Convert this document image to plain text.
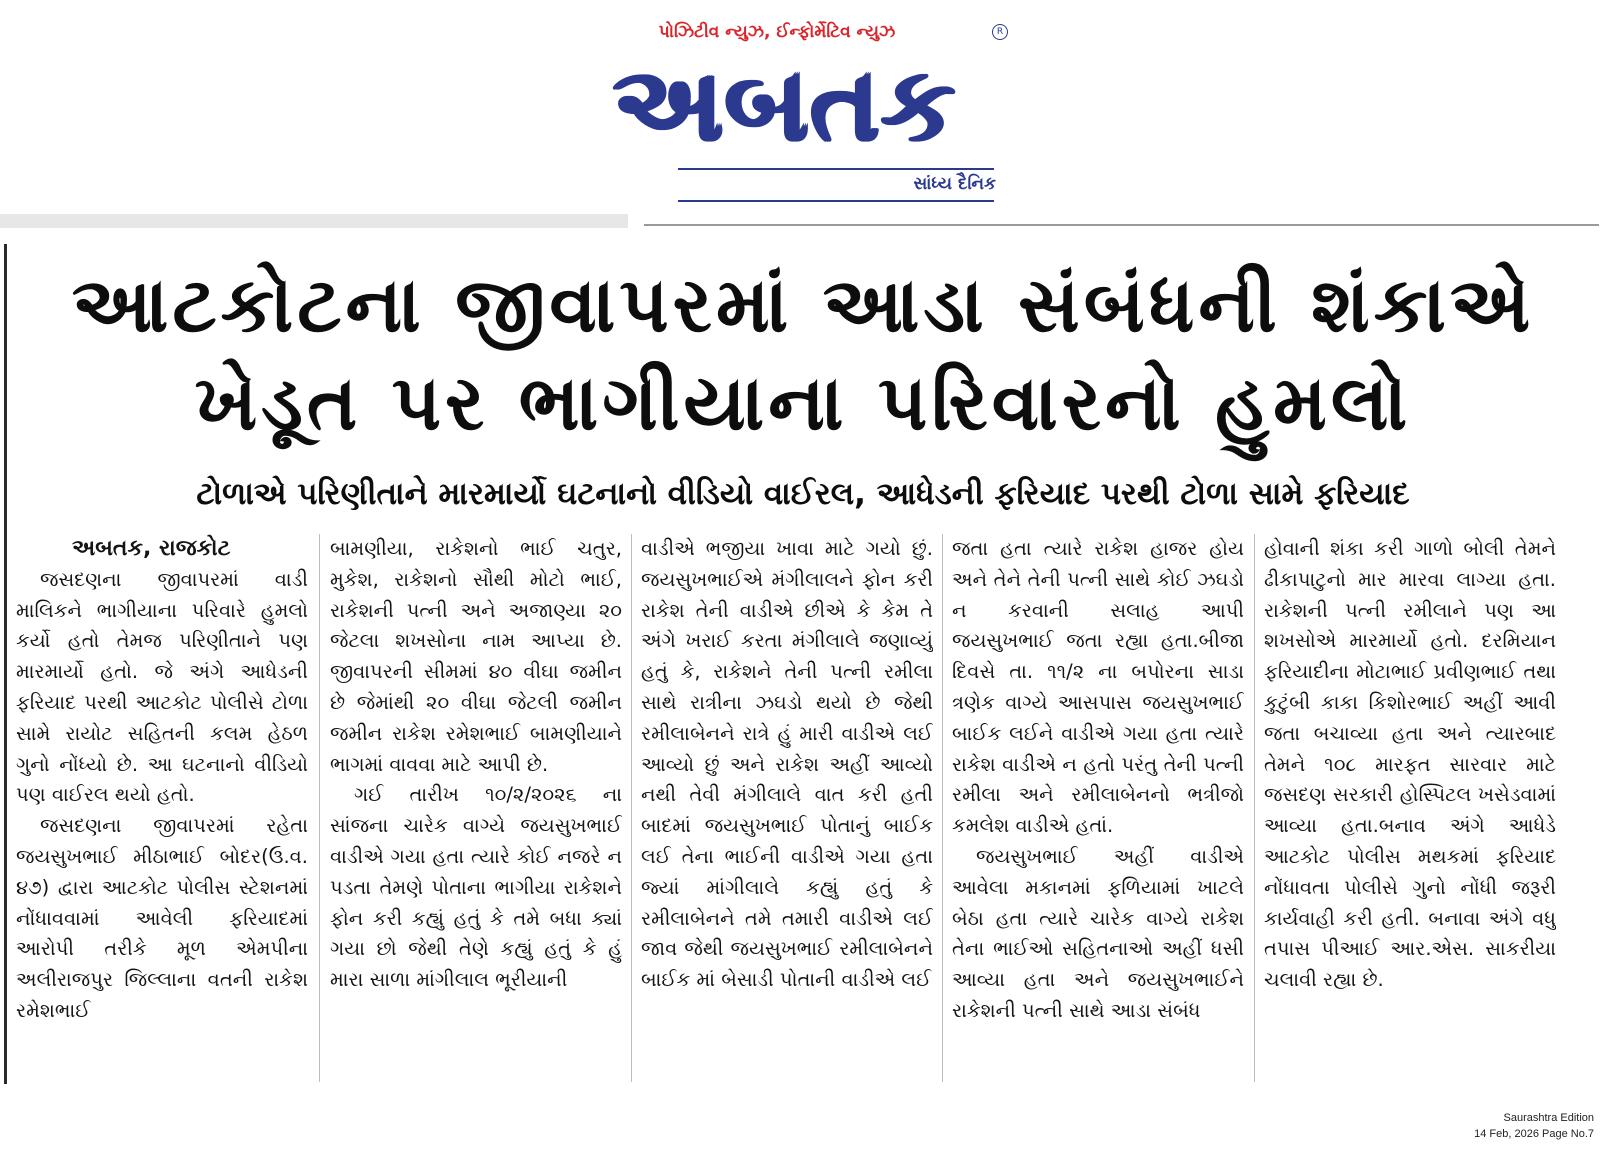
પોઝિટીવ ન્યુઝ, ઈન્ફોર્મેટિવ ન્યુઝ	R
અબતક
સાંધ્ય દૈનિક
આટકોટના જીવાપરમાં આડા સંબંધની શંકાએ
ખેડૂત પર ભાગીયાના પરિવારનો હુમલો
ટોળાએ પરિણીતાને મારમાર્યો ઘટનાનો વીડિયો વાઈરલ, આધેડની ફરિયાદ પરથી ટોળા સામે ફરિયાદ

અબતક, રાજકોટ

જસદણના જીવાપરમાં વાડી માલિકને ભાગીયાના પરિવારે હુમલો કર્યો હતો તેમજ પરિણીતાને પણ મારમાર્યો હતો. જે અંગે આધેડની ફરિયાદ પરથી આટકોટ પોલીસે ટોળા સામે રાયોટ સહિતની કલમ હેઠળ ગુનો નોંધ્યો છે. આ ઘટનાનો વીડિયો પણ વાઈરલ થયો હતો.

જસદણના જીવાપરમાં રહેતા જયસુખભાઈ મીઠાભાઈ બોદર(ઉ.વ. ૪૭) દ્વારા આટકોટ પોલીસ સ્ટેશનમાં નોંધાવવામાં આવેલી ફરિયાદમાં આરોપી તરીકે મૂળ એમપીના અલીરાજપુર જિલ્લાના વતની રાકેશ રમેશભાઈ

બામણીયા, રાકેશનો ભાઈ ચતુર, મુકેશ, રાકેશનો સૌથી મોટો ભાઈ, રાકેશની પત્ની અને અજાણ્યા ૨૦ જેટલા શખસોના નામ આપ્યા છે. જીવાપરની સીમમાં ૪૦ વીઘા જમીન છે જેમાંથી ૨૦ વીઘા જેટલી જમીન જમીન રાકેશ રમેશભાઈ બામણીયાને ભાગમાં વાવવા માટે આપી છે.

ગઈ તારીખ ૧૦/૨/૨૦૨૬ ના સાંજના ચારેક વાગ્યે જયસુખભાઈ વાડીએ ગયા હતા ત્યારે કોઈ નજરે ન પડતા તેમણે પોતાના ભાગીયા રાકેશને ફોન કરી કહ્યું હતું કે તમે બધા ક્યાં ગયા છો જેથી તેણે કહ્યું હતું કે હું મારા સાળા માંગીલાલ ભૂરીયાની

વાડીએ ભજીયા ખાવા માટે ગયો છું. જયસુખભાઈએ મંગીલાલને ફોન કરી રાકેશ તેની વાડીએ છીએ કે કેમ તે અંગે ખરાઈ કરતા મંગીલાલે જણાવ્યું હતું કે, રાકેશને તેની પત્ની રમીલા સાથે રાત્રીના ઝઘડો થયો છે જેથી રમીલાબેનને રાત્રે હું મારી વાડીએ લઈ આવ્યો છું અને રાકેશ અહીં આવ્યો નથી તેવી મંગીલાલે વાત કરી હતી બાદમાં જયસુખભાઈ પોતાનું બાઈક લઈ તેના ભાઈની વાડીએ ગયા હતા જ્યાં માંગીલાલે કહ્યું હતું કે રમીલાબેનને તમે તમારી વાડીએ લઈ જાવ જેથી જયસુખભાઈ રમીલાબેનને બાઈક માં બેસાડી પોતાની વાડીએ લઈ

જતા હતા ત્યારે રાકેશ હાજર હોય અને તેને તેની પત્ની સાથે કોઈ ઝઘડો ન કરવાની સલાહ આપી જયસુખભાઈ જતા રહ્યા હતા.બીજા દિવસે તા. ૧૧/૨ ના બપોરના સાડા ત્રણેક વાગ્યે આસપાસ જયસુખભાઈ બાઈક લઈને વાડીએ ગયા હતા ત્યારે રાકેશ વાડીએ ન હતો પરંતુ તેની પત્ની રમીલા અને રમીલાબેનનો ભત્રીજો કમલેશ વાડીએ હતાં.

જયસુખભાઈ અહીં વાડીએ આવેલા મકાનમાં ફળિયામાં ખાટલે બેઠા હતા ત્યારે ચારેક વાગ્યે રાકેશ તેના ભાઈઓ સહિતનાઓ અહીં ધસી આવ્યા હતા અને જયસુખભાઈને રાકેશની પત્ની સાથે આડા સંબંધ

હોવાની શંકા કરી ગાળો બોલી તેમને ઢીકાપાટુનો માર મારવા લાગ્યા હતા. રાકેશની પત્ની રમીલાને પણ આ શખસોએ મારમાર્યો હતો. દરમિયાન ફરિયાદીના મોટાભાઈ પ્રવીણભાઈ તથા કુટુંબી કાકા કિશોરભાઈ અહીં આવી જતા બચાવ્યા હતા અને ત્યારબાદ તેમને ૧૦૮ મારફત સારવાર માટે જસદણ સરકારી હોસ્પિટલ ખસેડવામાં આવ્યા હતા.બનાવ અંગે આધેડે આટકોટ પોલીસ મથકમાં ફરિયાદ નોંધાવતા પોલીસે ગુનો નોંધી જરૂરી કાર્યવાહી કરી હતી. બનાવા અંગે વધુ તપાસ પીઆઈ આર.એસ. સાકરીયા ચલાવી રહ્યા છે.

Saurashtra Edition
14 Feb, 2026 Page No.7
